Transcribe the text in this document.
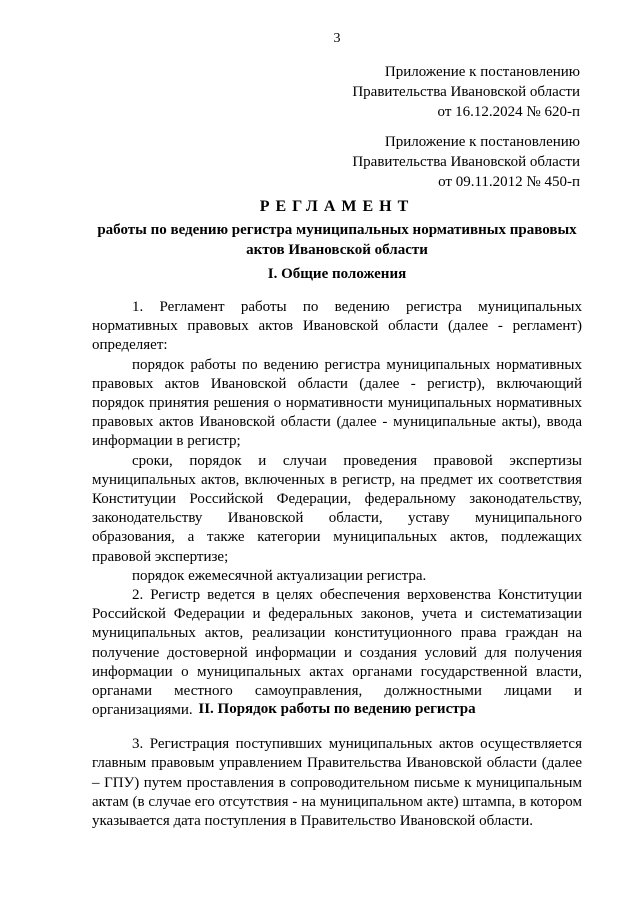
3
Приложение к постановлению
Правительства Ивановской области
от 16.12.2024 № 620-п
Приложение к постановлению
Правительства Ивановской области
от 09.11.2012 № 450-п
РЕГЛАМЕНТ
работы по ведению регистра муниципальных нормативных правовых
актов Ивановской области
I. Общие положения

1. Регламент работы по ведению регистра муниципальных нормативных правовых актов Ивановской области (далее - регламент) определяет:

порядок работы по ведению регистра муниципальных нормативных правовых актов Ивановской области (далее - регистр), включающий порядок принятия решения о нормативности муниципальных нормативных правовых актов Ивановской области (далее - муниципальные акты), ввода информации в регистр;

сроки, порядок и случаи проведения правовой экспертизы муниципальных актов, включенных в регистр, на предмет их соответствия Конституции Российской Федерации, федеральному законодательству, законодательству Ивановской области, уставу муниципального образования, а также категории муниципальных актов, подлежащих правовой экспертизе;

порядок ежемесячной актуализации регистра.

2. Регистр ведется в целях обеспечения верховенства Конституции Российской Федерации и федеральных законов, учета и систематизации муниципальных актов, реализации конституционного права граждан на получение достоверной информации и создания условий для получения информации о муниципальных актах органами государственной власти, органами местного самоуправления, должностными лицами и организациями. II. Порядок работы по ведению регистра

3. Регистрация поступивших муниципальных актов осуществляется главным правовым управлением Правительства Ивановской области (далее – ГПУ) путем проставления в сопроводительном письме к муниципальным актам (в случае его отсутствия - на муниципальном акте) штампа, в котором указывается дата поступления в Правительство Ивановской области.
